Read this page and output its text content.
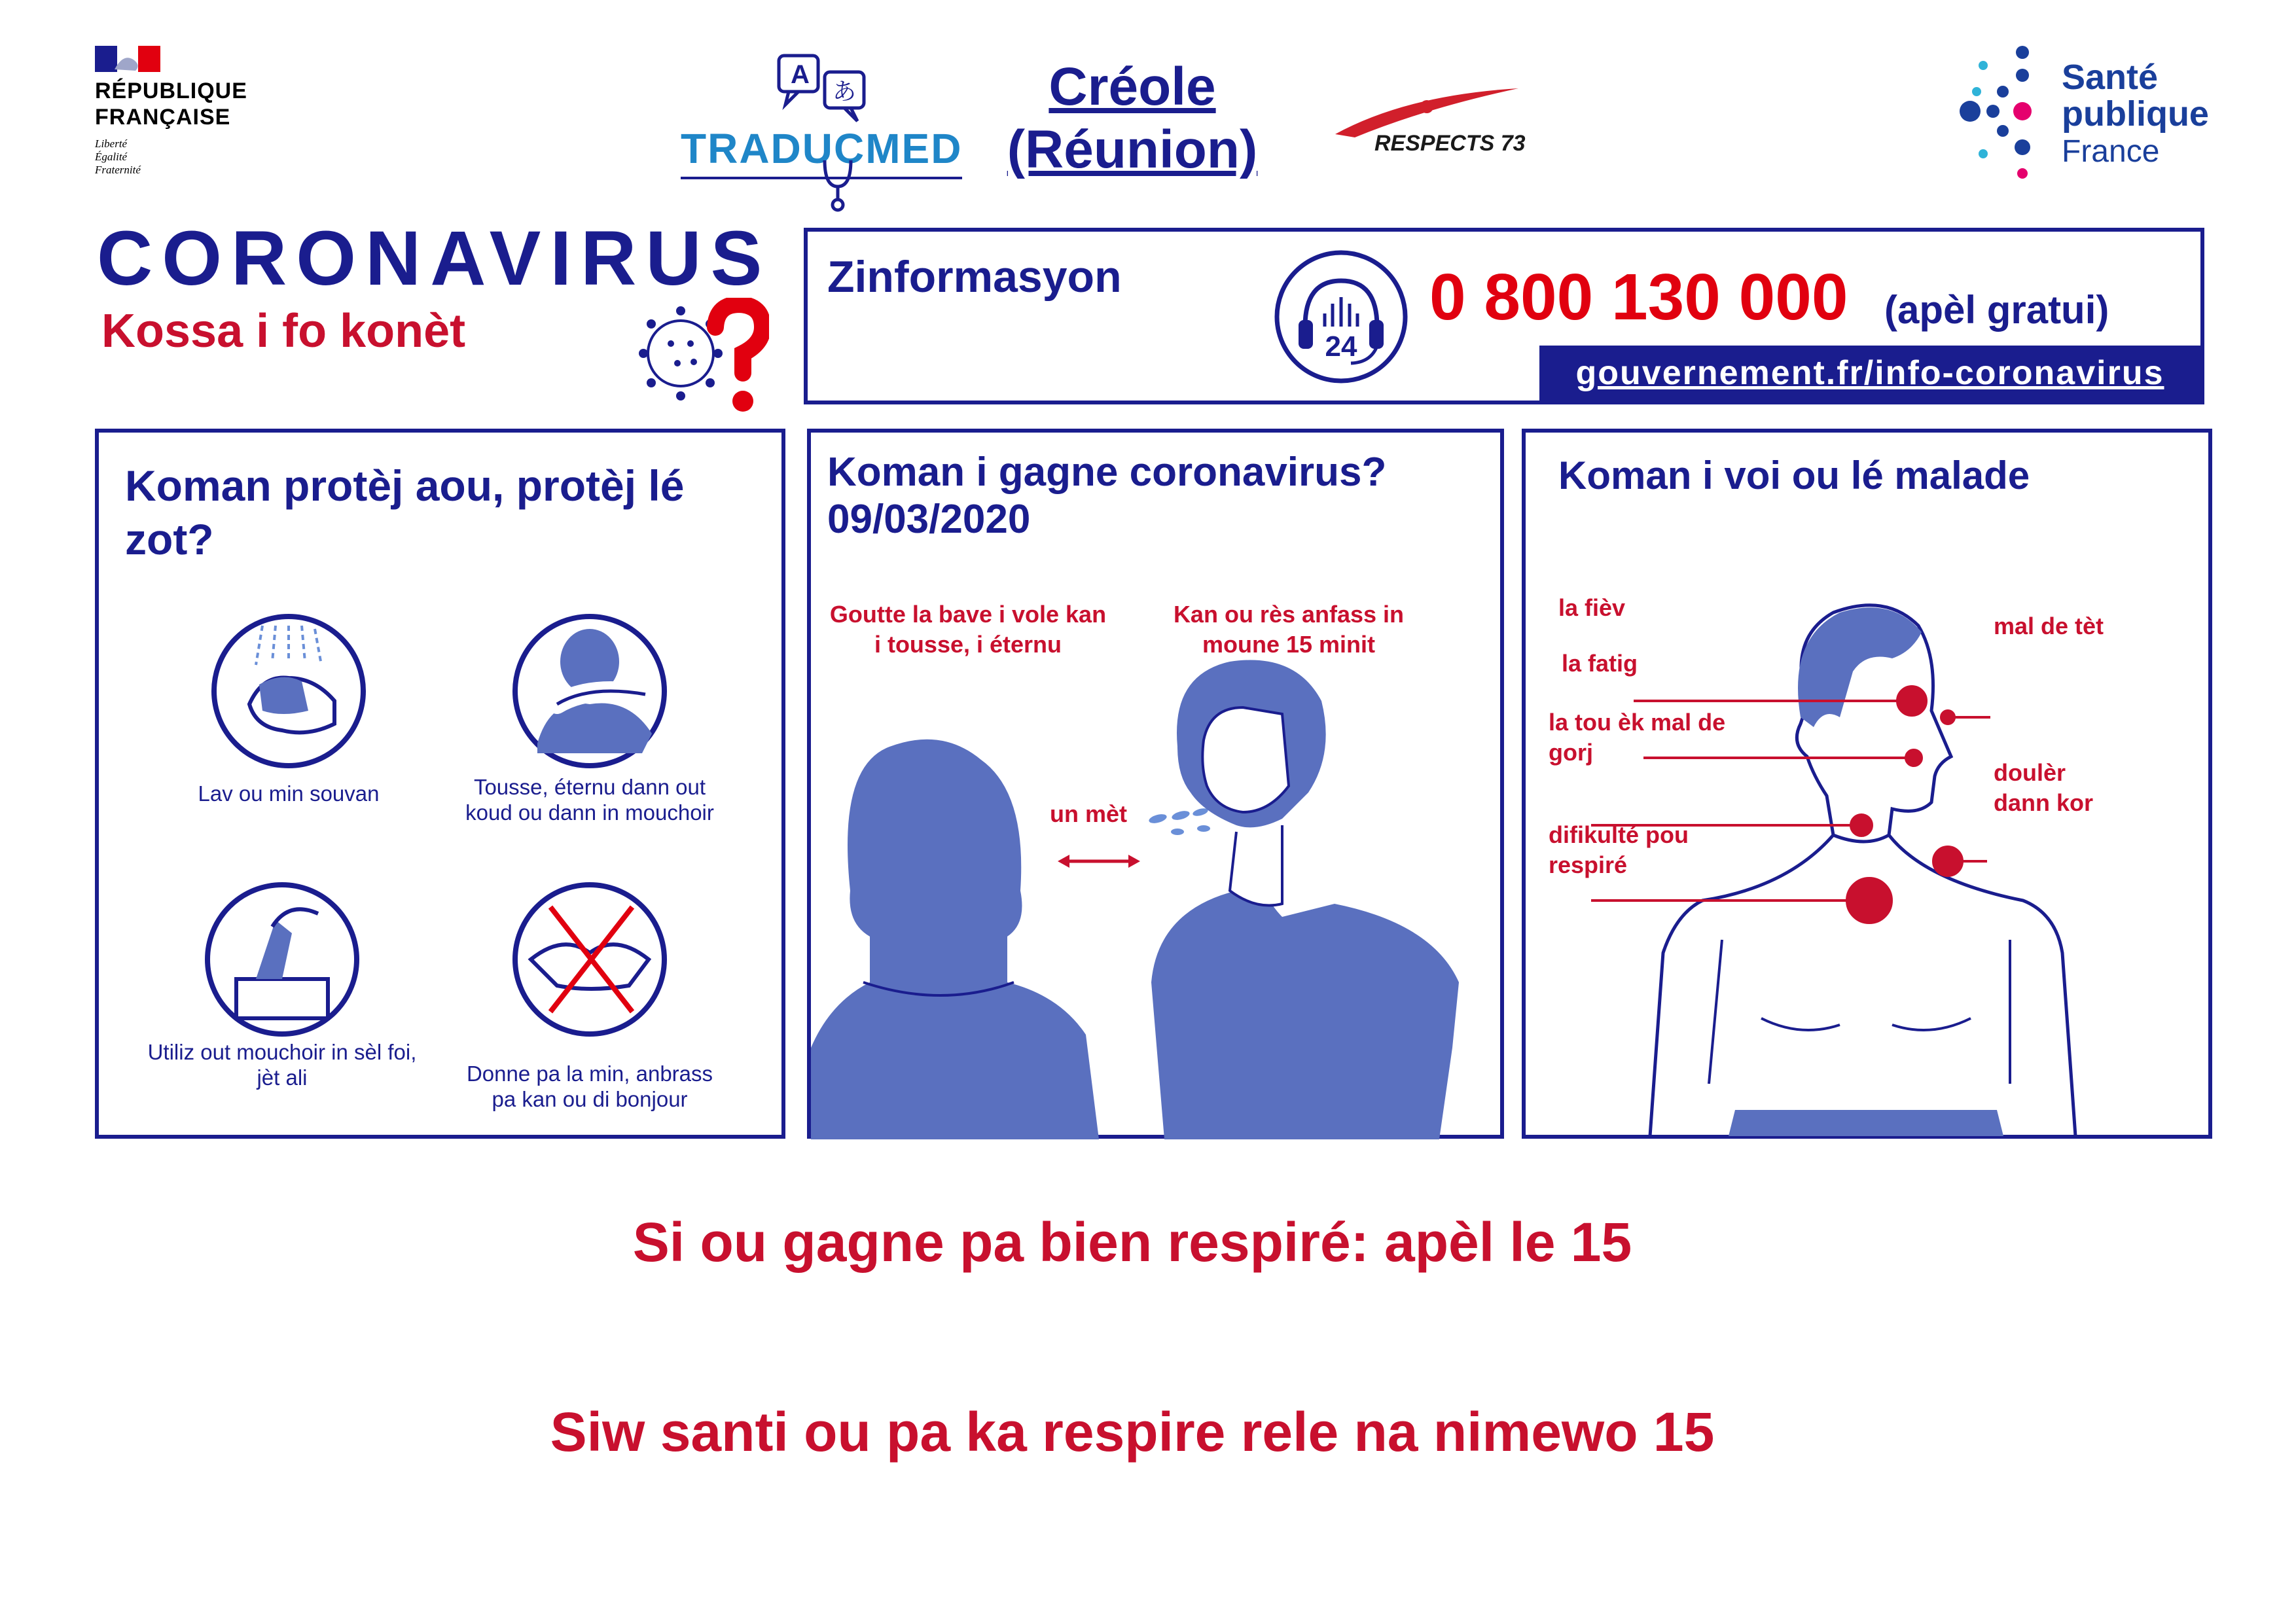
RÉPUBLIQUE
FRANÇAISE
Liberté
Égalité
Fraternité
A
あ
TRADUCMED
Créole
(Réunion)	RESPECTS 73
Santé
publique
France
CORONAVIRUS
Kossa i fo konèt
Zinformasyon
24
0 800 130 000 (apèl gratui)
gouvernement.fr/info-coronavirus
Koman protèj aou, protèj lé zot?
Lav ou min souvan	Tousse, éternu dann out koud ou dann in mouchoir
Utiliz out mouchoir in sèl foi, jèt ali	Donne pa la min, anbrass pa kan ou di bonjour
Koman i gagne coronavirus?
09/03/2020
Goutte la bave i vole kan i tousse, i éternu
Kan ou rès anfass in moune 15 minit
un mèt
Koman i voi ou lé malade
la fièv
mal de tèt
la fatig
la tou èk mal de gorj
doulèr dann kor
difikulté pou respiré
Si ou gagne pa bien respiré: apèl le 15
Siw santi ou pa ka respire rele na nimewo 15
